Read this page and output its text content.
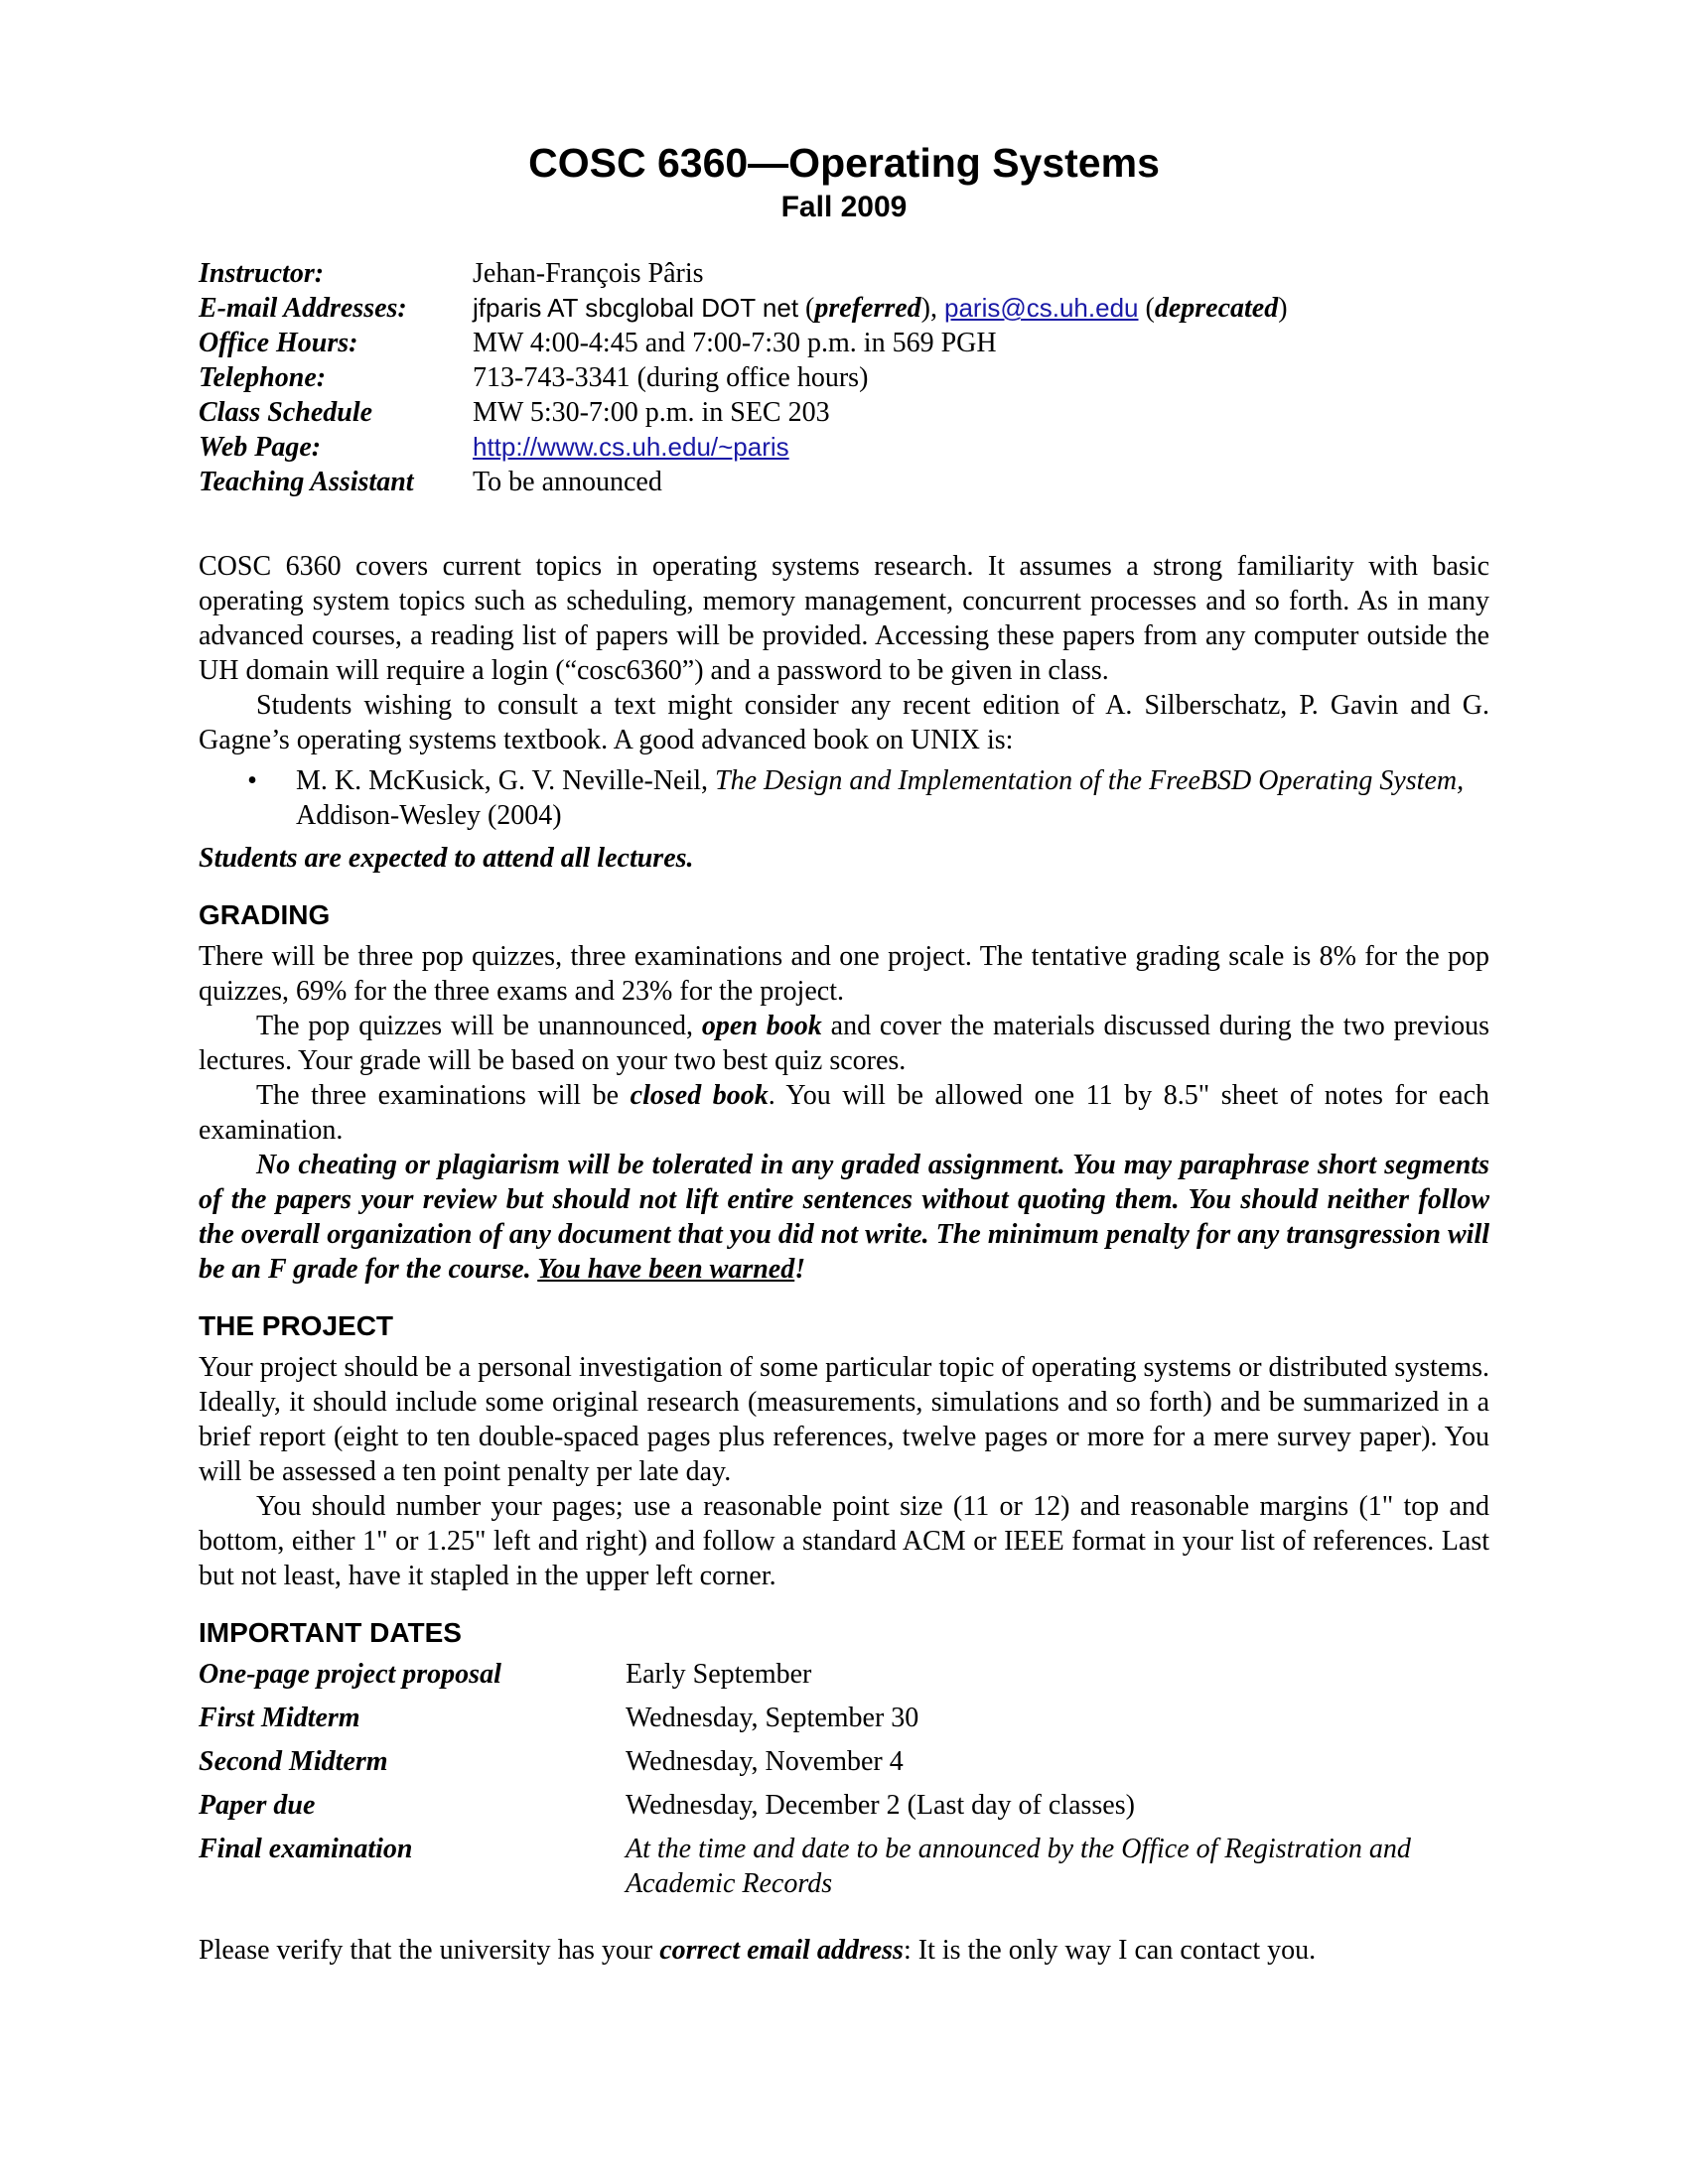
COSC 6360—Operating Systems
Fall 2009
Instructor:	Jehan-François Pâris
E-mail Addresses:	jfparis AT sbcglobal DOT net (preferred), paris@cs.uh.edu (deprecated)
Office Hours:	MW 4:00-4:45 and 7:00-7:30 p.m. in 569 PGH
Telephone:	713-743-3341 (during office hours)
Class Schedule	MW 5:30-7:00 p.m. in SEC 203
Web Page:	http://www.cs.uh.edu/~paris
Teaching Assistant	To be announced

COSC 6360 covers current topics in operating systems research. It assumes a strong familiarity with basic operating system topics such as scheduling, memory management, concurrent processes and so forth. As in many advanced courses, a reading list of papers will be provided. Accessing these papers from any computer outside the UH domain will require a login (“cosc6360”) and a password to be given in class.

Students wishing to consult a text might consider any recent edition of A. Silberschatz, P. Gavin and G. Gagne’s operating systems textbook. A good advanced book on UNIX is:

•	M. K. McKusick, G. V. Neville-Neil, The Design and Implementation of the FreeBSD Operating System, Addison-Wesley (2004)

Students are expected to attend all lectures.

GRADING

There will be three pop quizzes, three examinations and one project. The tentative grading scale is 8% for the pop quizzes, 69% for the three exams and 23% for the project.

The pop quizzes will be unannounced, open book and cover the materials discussed during the two previous lectures. Your grade will be based on your two best quiz scores.

The three examinations will be closed book. You will be allowed one 11 by 8.5" sheet of notes for each examination.

No cheating or plagiarism will be tolerated in any graded assignment. You may paraphrase short segments of the papers your review but should not lift entire sentences without quoting them. You should neither follow the overall organization of any document that you did not write. The minimum penalty for any transgression will be an F grade for the course. You have been warned!

THE PROJECT

Your project should be a personal investigation of some particular topic of operating systems or distributed systems. Ideally, it should include some original research (measurements, simulations and so forth) and be summarized in a brief report (eight to ten double-spaced pages plus references, twelve pages or more for a mere survey paper). You will be assessed a ten point penalty per late day.

You should number your pages; use a reasonable point size (11 or 12) and reasonable margins (1" top and bottom, either 1" or 1.25" left and right) and follow a standard ACM or IEEE format in your list of references. Last but not least, have it stapled in the upper left corner.

IMPORTANT DATES
One-page project proposal	Early September
First Midterm	Wednesday, September 30
Second Midterm	Wednesday, November 4
Paper due	Wednesday, December 2 (Last day of classes)
Final examination	At the time and date to be announced by the Office of Registration and Academic Records

Please verify that the university has your correct email address: It is the only way I can contact you.
